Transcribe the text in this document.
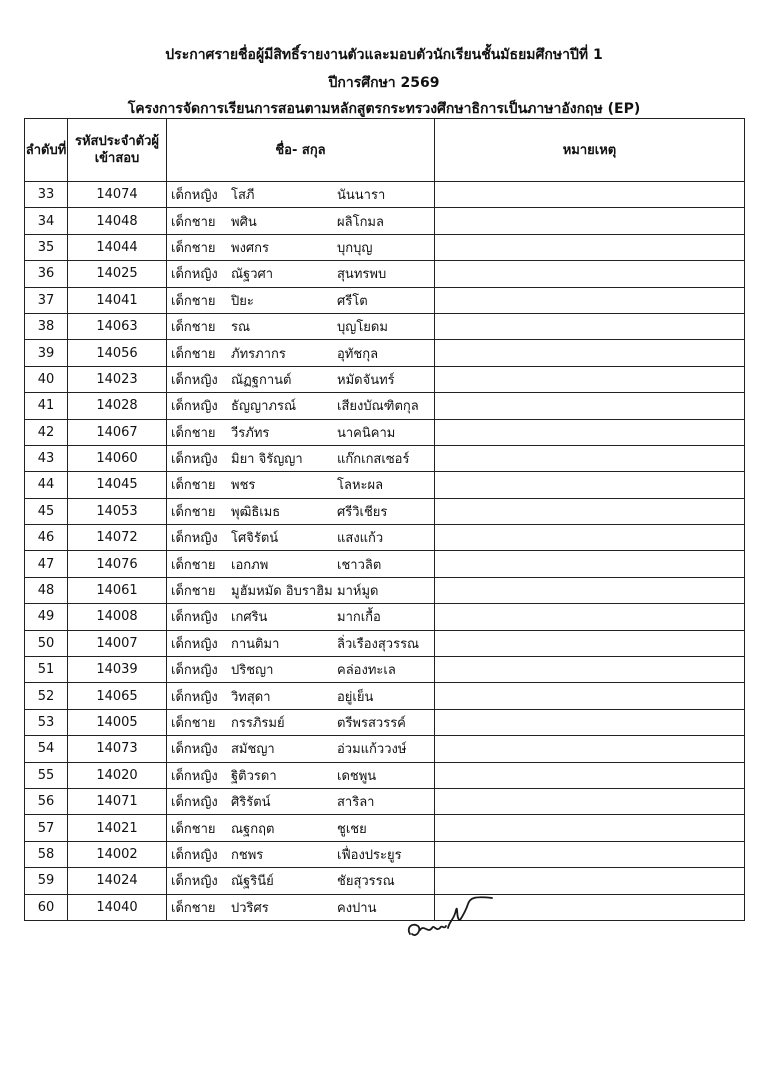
ประกาศรายชื่อผู้มีสิทธิ์รายงานตัวและมอบตัวนักเรียนชั้นมัธยมศึกษาปีที่ 1
ปีการศึกษา 2569
โครงการจัดการเรียนการสอนตามหลักสูตรกระทรวงศึกษาธิการเป็นภาษาอังกฤษ (EP)
ลำดับที่	รหัสประจำตัวผู้เข้าสอบ	ชื่อ- สกุล	หมายเหตุ
33	14074	เด็กหญิง โสภี นันนารา	
34	14048	เด็กชาย พศิน ผลิโกมล	
35	14044	เด็กชาย พงศกร บุกบุญ	
36	14025	เด็กหญิง ณัฐวศา สุนทรพบ	
37	14041	เด็กชาย ปิยะ ศรีโต	
38	14063	เด็กชาย รณ บุญโยดม	
39	14056	เด็กชาย ภัทรภากร อุทัชกุล	
40	14023	เด็กหญิง ณัฏฐกานต์ หมัดจันทร์	
41	14028	เด็กหญิง ธัญญาภรณ์ เสียงบัณฑิตกุล	
42	14067	เด็กชาย วีรภัทร นาคนิคาม	
43	14060	เด็กหญิง มิยา จิรัญญา แก๊กเกสเซอร์	
44	14045	เด็กชาย พชร โลหะผล	
45	14053	เด็กชาย พุฒิธิเมธ ศรีวิเชียร	
46	14072	เด็กหญิง โศจิรัตน์ แสงแก้ว	
47	14076	เด็กชาย เอกภพ เชาวลิต	
48	14061	เด็กชาย มูฮัมหมัด อิบราฮิม มาห์มูด	
49	14008	เด็กหญิง เกศริน มากเกื้อ	
50	14007	เด็กหญิง กานติมา ลิ่วเรืองสุวรรณ	
51	14039	เด็กหญิง ปริชญา คล่องทะเล	
52	14065	เด็กหญิง วิทสุดา อยู่เย็น	
53	14005	เด็กชาย กรรภิรมย์ ตรีพรสวรรค์	
54	14073	เด็กหญิง สมัชญา อ่วมแก้ววงษ์	
55	14020	เด็กหญิง ฐิติวรดา เดชพูน	
56	14071	เด็กหญิง ศิริรัตน์ สาริลา	
57	14021	เด็กชาย ณฐกฤต ชูเชย	
58	14002	เด็กหญิง กชพร เฟื่องประยูร	
59	14024	เด็กหญิง ณัฐรินีย์ ชัยสุวรรณ	
60	14040	เด็กชาย ปวริศร คงปาน	
